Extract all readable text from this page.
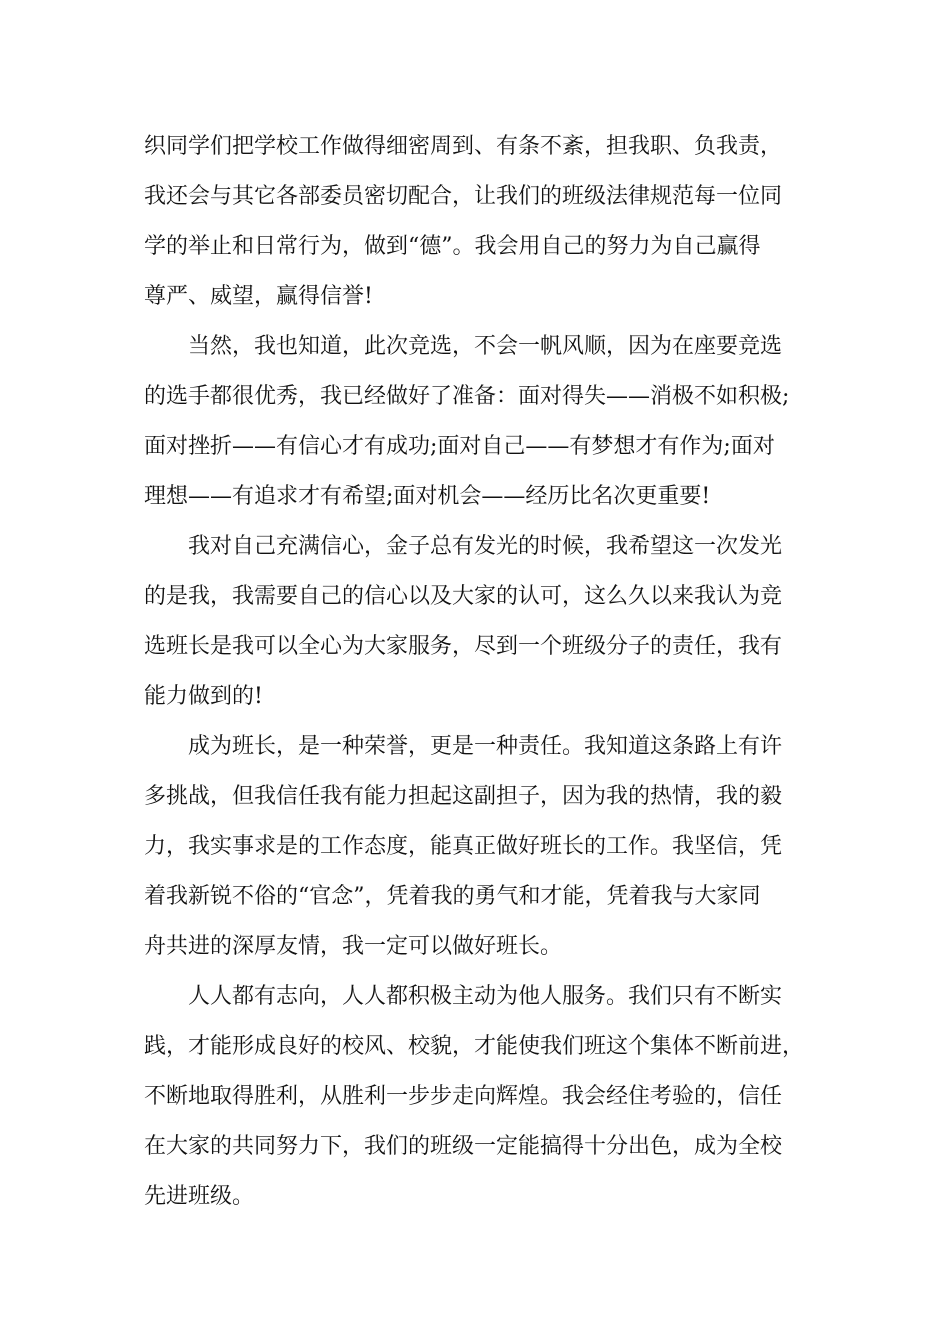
织同学们把学校工作做得细密周到、有条不紊，担我职、负我责，
我还会与其它各部委员密切配合，让我们的班级法律规范每一位同
学的举止和日常行为，做到“德”。我会用自己的努力为自己赢得
尊严、威望，赢得信誉!
当然，我也知道，此次竞选，不会一帆风顺，因为在座要竞选
的选手都很优秀，我已经做好了准备：面对得失——消极不如积极;
面对挫折——有信心才有成功;面对自己——有梦想才有作为;面对
理想——有追求才有希望;面对机会——经历比名次更重要!
我对自己充满信心，金子总有发光的时候，我希望这一次发光
的是我，我需要自己的信心以及大家的认可，这么久以来我认为竞
选班长是我可以全心为大家服务，尽到一个班级分子的责任，我有
能力做到的!
成为班长，是一种荣誉，更是一种责任。我知道这条路上有许
多挑战，但我信任我有能力担起这副担子，因为我的热情，我的毅
力，我实事求是的工作态度，能真正做好班长的工作。我坚信，凭
着我新锐不俗的“官念”，凭着我的勇气和才能，凭着我与大家同
舟共进的深厚友情，我一定可以做好班长。
人人都有志向，人人都积极主动为他人服务。我们只有不断实
践，才能形成良好的校风、校貌，才能使我们班这个集体不断前进，
不断地取得胜利，从胜利一步步走向辉煌。我会经住考验的，信任
在大家的共同努力下，我们的班级一定能搞得十分出色，成为全校
先进班级。
